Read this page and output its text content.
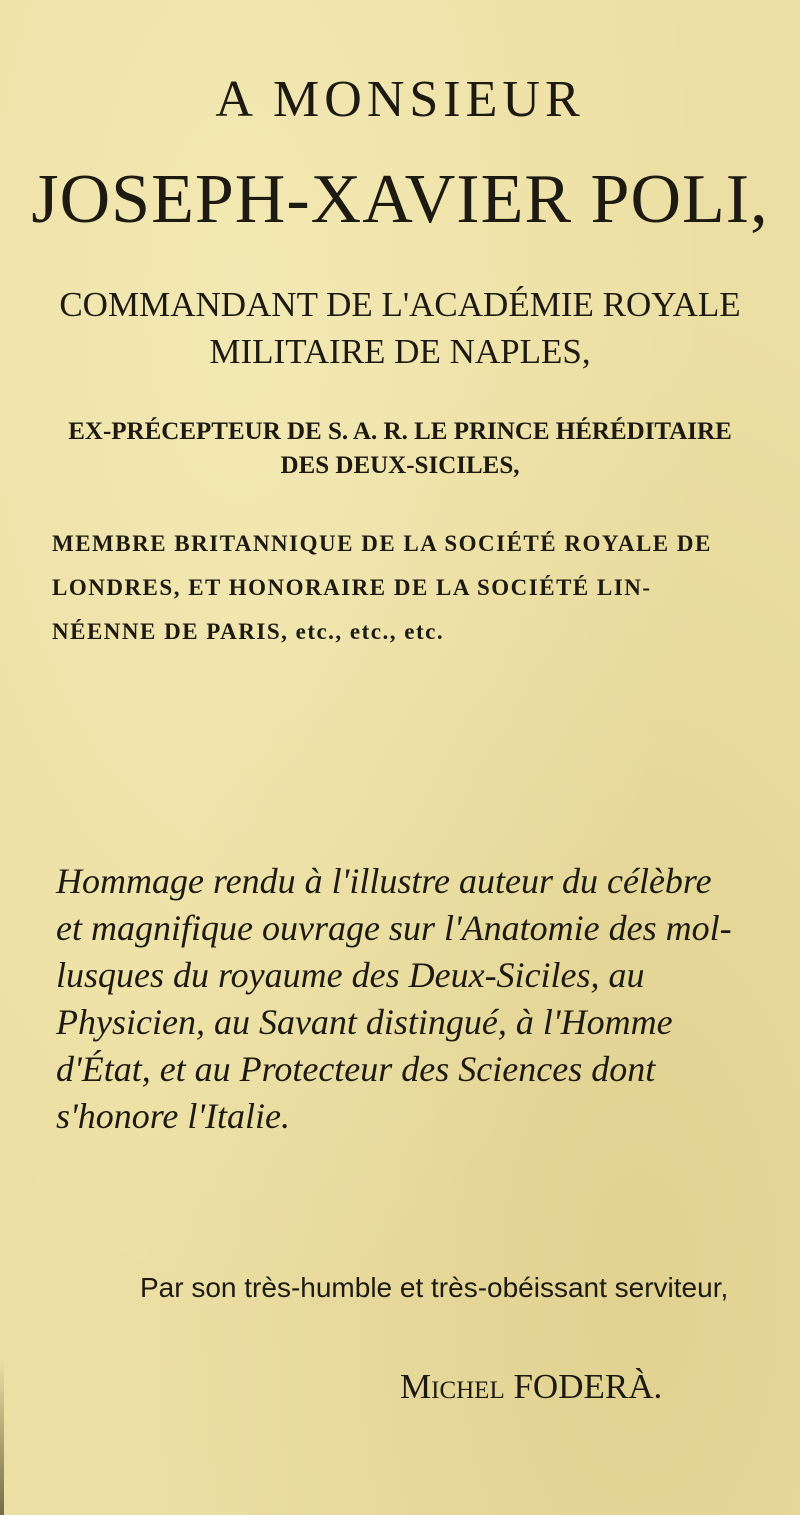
A MONSIEUR

JOSEPH-XAVIER POLI,

COMMANDANT DE L'ACADÉMIE ROYALE

MILITAIRE DE NAPLES,

EX-PRÉCEPTEUR DE S. A. R. LE PRINCE HÉRÉDITAIRE

DES DEUX-SICILES,

MEMBRE BRITANNIQUE DE LA SOCIÉTÉ ROYALE DE
LONDRES, ET HONORAIRE DE LA SOCIÉTÉ LIN-
NÉENNE DE PARIS, etc., etc., etc.
Hommage rendu à l'illustre auteur du célèbre
et magnifique ouvrage sur l'Anatomie des mol-
lusques du royaume des Deux-Siciles, au
Physicien, au Savant distingué, à l'Homme
d'État, et au Protecteur des Sciences dont
s'honore l'Italie.
Par son très-humble et très-obéissant serviteur,
Michel FODERÀ.
